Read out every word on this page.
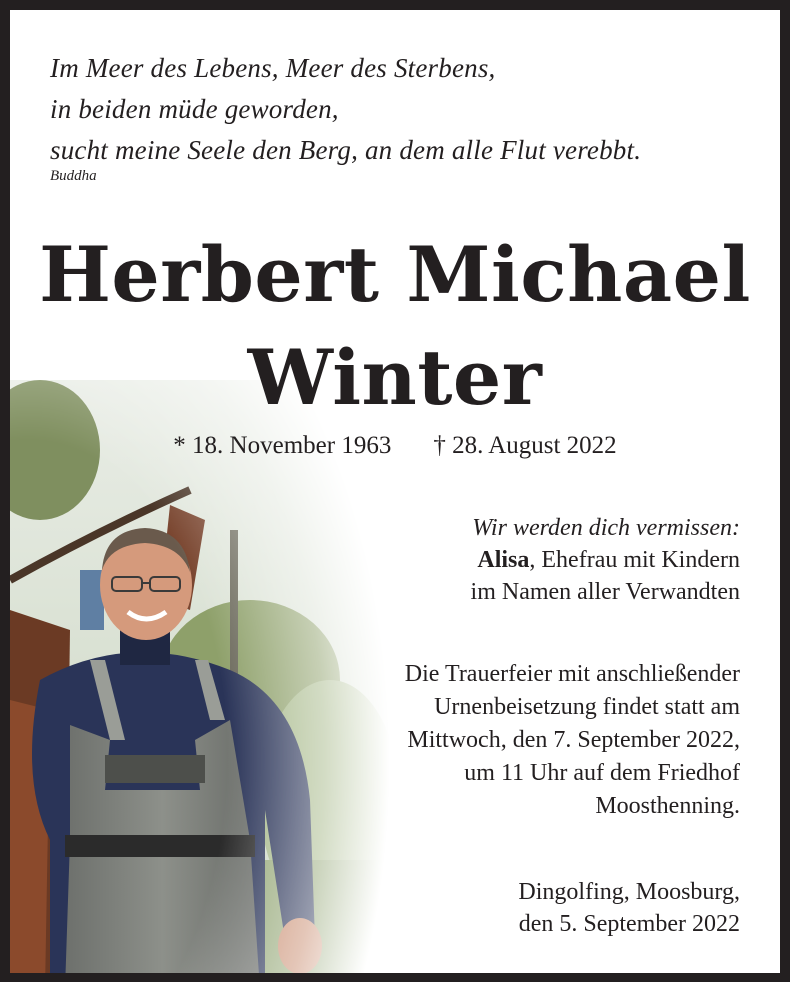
Im Meer des Lebens, Meer des Sterbens,
in beiden müde geworden,
sucht meine Seele den Berg, an dem alle Flut verebbt.
Buddha
Herbert Michael
Winter
* 18. November 1963 † 28. August 2022
Wir werden dich vermissen:
Alisa, Ehefrau mit Kindern
im Namen aller Verwandten
Die Trauerfeier mit anschließender
Urnenbeisetzung findet statt am
Mittwoch, den 7. September 2022,
um 11 Uhr auf dem Friedhof
Moosthenning.
Dingolfing, Moosburg,
den 5. September 2022
